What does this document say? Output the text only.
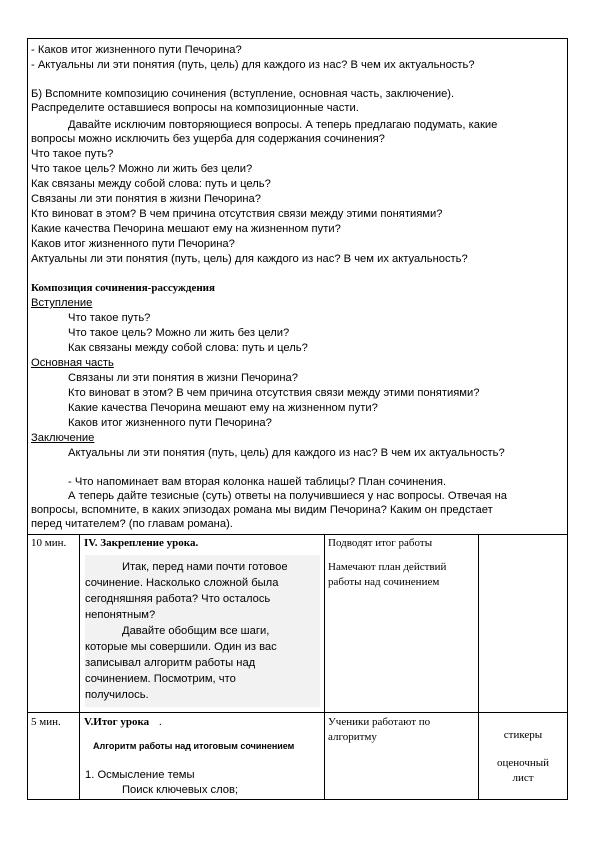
- Каков итог жизненного пути Печорина?
- Актуальны ли эти понятия (путь, цель) для каждого из нас? В чем их актуальность?
Б) Вспомните композицию сочинения (вступление, основная часть, заключение).
Распределите оставшиеся вопросы на композиционные части.
Давайте исключим повторяющиеся вопросы. А теперь предлагаю подумать, какие
вопросы можно исключить без ущерба для содержания сочинения?
Что такое путь?
Что такое цель? Можно ли жить без цели?
Как связаны между собой слова: путь и цель?
Связаны ли эти понятия в жизни Печорина?
Кто виноват в этом? В чем причина отсутствия связи между этими понятиями?
Какие качества Печорина мешают ему на жизненном пути?
Каков итог жизненного пути Печорина?
Актуальны ли эти понятия (путь, цель) для каждого из нас? В чем их актуальность?
Композиция сочинения-рассуждения
Вступление
Что такое путь?
Что такое цель? Можно ли жить без цели?
Как связаны между собой слова: путь и цель?
Основная часть
Связаны ли эти понятия в жизни Печорина?
Кто виноват в этом? В чем причина отсутствия связи между этими понятиями?
Какие качества Печорина мешают ему на жизненном пути?
Каков итог жизненного пути Печорина?
Заключение
Актуальны ли эти понятия (путь, цель) для каждого из нас? В чем их актуальность?
- Что напоминает вам вторая колонка нашей таблицы? План сочинения.
А теперь дайте тезисные (суть) ответы на получившиеся у нас вопросы. Отвечая на
вопросы, вспомните, в каких эпизодах романа мы видим Печорина? Каким он предстает
перед читателем? (по главам романа).
10 мин. IV. Закрепление урока.
Итак, перед нами почти готовое
сочинение. Насколько сложной была
сегодняшняя работа? Что осталось
непонятным?
Давайте обобщим все шаги,
которые мы совершили. Один из вас
записывал алгоритм работы над
сочинением. Посмотрим, что
получилось.
Подводят итог работы
Намечают план действий
работы над сочинением
5 мин. V.Итог урока .
Алгоритм работы над итоговым сочинением
1. Осмысление темы
Поиск ключевых слов;
Ученики работают по
алгоритму	стикеры
оценочный
лист
